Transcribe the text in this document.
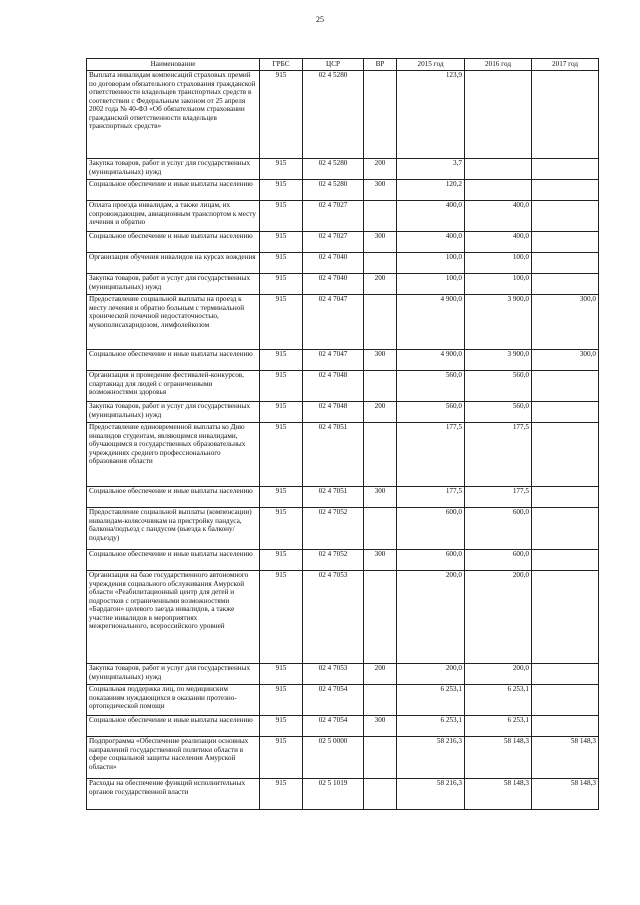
25
Наименование	ГРБС	ЦСР	ВР	2015 год	2016 год	2017 год
Выплата инвалидам компенсаций страховых премий по договорам обязательного страхования гражданской ответственности владельцев транспортных средств в соответствии с Федеральным законом от 25 апреля 2002 года № 40-ФЗ «Об обязательном страховании гражданской ответственности владельцев транспортных средств»	915	02 4 5280		123,9		
Закупка товаров, работ и услуг для государственных (муниципальных) нужд	915	02 4 5280	200	3,7		
Социальное обеспечение и иные выплаты населению	915	02 4 5280	300	120,2		
Оплата проезда инвалидам, а также лицам, их сопровождающим, авиационным транспортом к месту лечения и обратно	915	02 4 7027		400,0	400,0	
Социальное обеспечение и иные выплаты населению	915	02 4 7027	300	400,0	400,0	
Организация обучения инвалидов на курсах вождения	915	02 4 7040		100,0	100,0	
Закупка товаров, работ и услуг для государственных (муниципальных) нужд	915	02 4 7040	200	100,0	100,0	
Предоставление социальной выплаты на проезд к месту лечения и обратно больным с терминальной хронической почечной недостаточностью, мукополисахаридозом, лимфолейкозом	915	02 4 7047		4 900,0	3 900,0	300,0
Социальное обеспечение и иные выплаты населению	915	02 4 7047	300	4 900,0	3 900,0	300,0
Организация и проведение фестивалей-конкурсов, спартакиад для людей с ограниченными возможностями здоровья	915	02 4 7048		560,0	560,0	
Закупка товаров, работ и услуг для государственных (муниципальных) нужд	915	02 4 7048	200	560,0	560,0	
Предоставление единовременной выплаты ко Дню инвалидов студентам, являющимся инвалидами, обучающимся в государственных образовательных учреждениях среднего профессионального образования области	915	02 4 7051		177,5	177,5	
Социальное обеспечение и иные выплаты населению	915	02 4 7051	300	177,5	177,5	
Предоставление социальной выплаты (компенсации) инвалидам-колясочникам на пристройку пандуса, балкона/подъезд с пандусом (выезда к балкону/подъезду)	915	02 4 7052		600,0	600,0	
Социальное обеспечение и иные выплаты населению	915	02 4 7052	300	600,0	600,0	
Организация на базе государственного автономного учреждения социального обслуживания Амурской области «Реабилитационный центр для детей и подростков с ограниченными возможностями «Бардагон» целевого заезда инвалидов, а также участие инвалидов в мероприятиях межрегионального, всероссийского уровней	915	02 4 7053		200,0	200,0	
Закупка товаров, работ и услуг для государственных (муниципальных) нужд	915	02 4 7053	200	200,0	200,0	
Социальная поддержка лиц, по медицинским показаниям нуждающихся в оказании протезно-ортопедической помощи	915	02 4 7054		6 253,1	6 253,1	
Социальное обеспечение и иные выплаты населению	915	02 4 7054	300	6 253,1	6 253,1	
Подпрограмма «Обеспечение реализации основных направлений государственной политики области в сфере социальной защиты населения Амурской области»	915	02 5 0000		58 216,3	58 148,3	58 148,3
Расходы на обеспечение функций исполнительных органов государственной власти	915	02 5 1019		58 216,3	58 148,3	58 148,3
